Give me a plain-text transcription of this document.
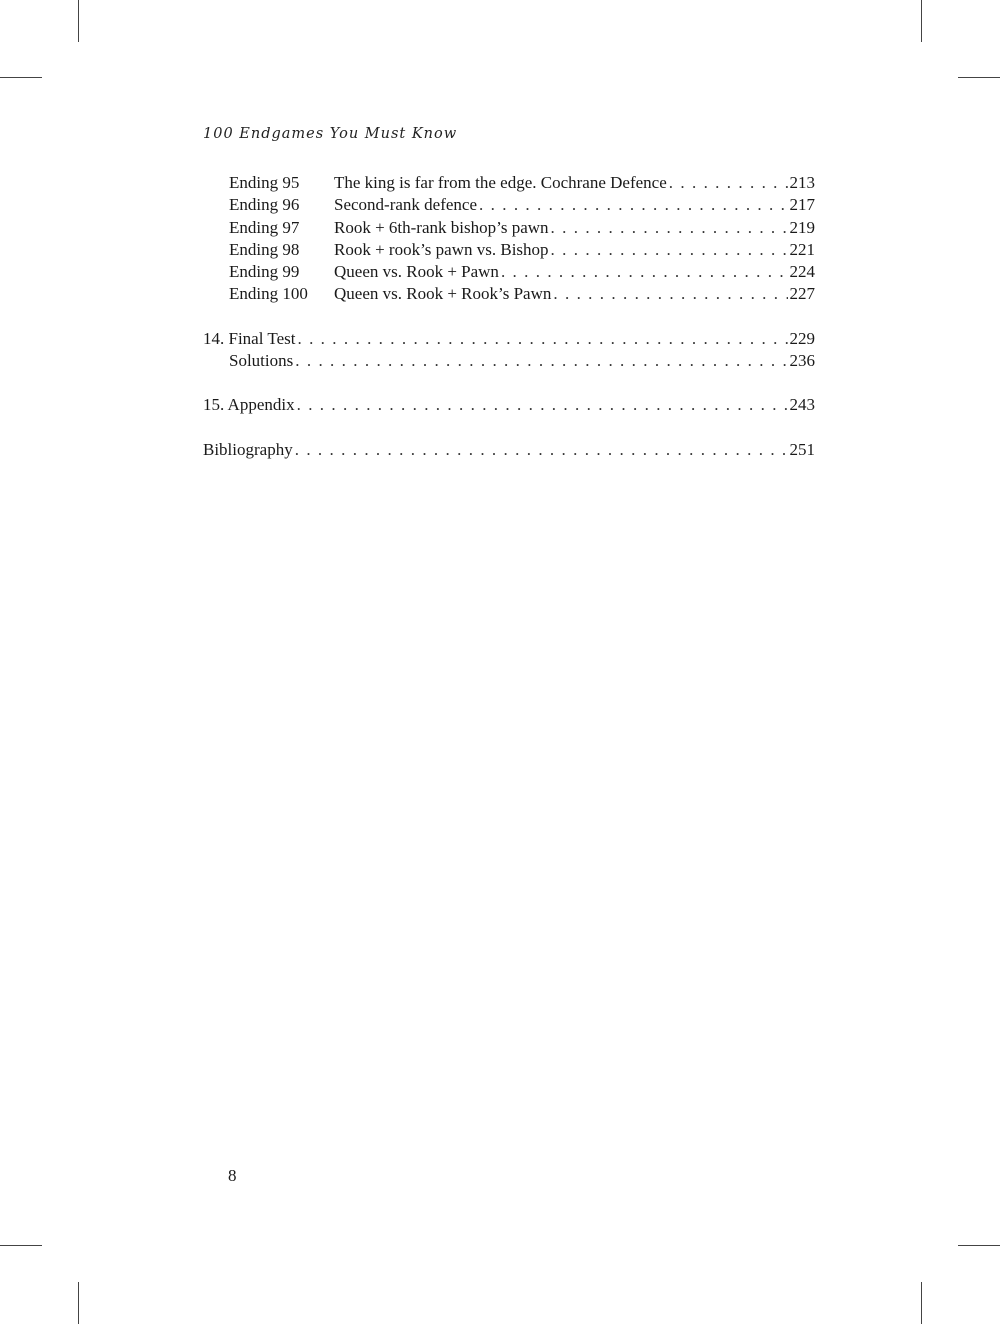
100 Endgames You Must Know
Ending 95	The king is far from the edge. Cochrane Defence . . .	213
Ending 96	Second-rank defence . . .	217
Ending 97	Rook + 6th-rank bishop’s pawn . . .	219
Ending 98	Rook + rook’s pawn vs. Bishop . . .	221
Ending 99	Queen vs. Rook + Pawn . . .	224
Ending 100	Queen vs. Rook + Rook’s Pawn . . .	227
14. Final Test . . .	229
Solutions . . .	236
15. Appendix . . .	243
Bibliography . . .	251
8
